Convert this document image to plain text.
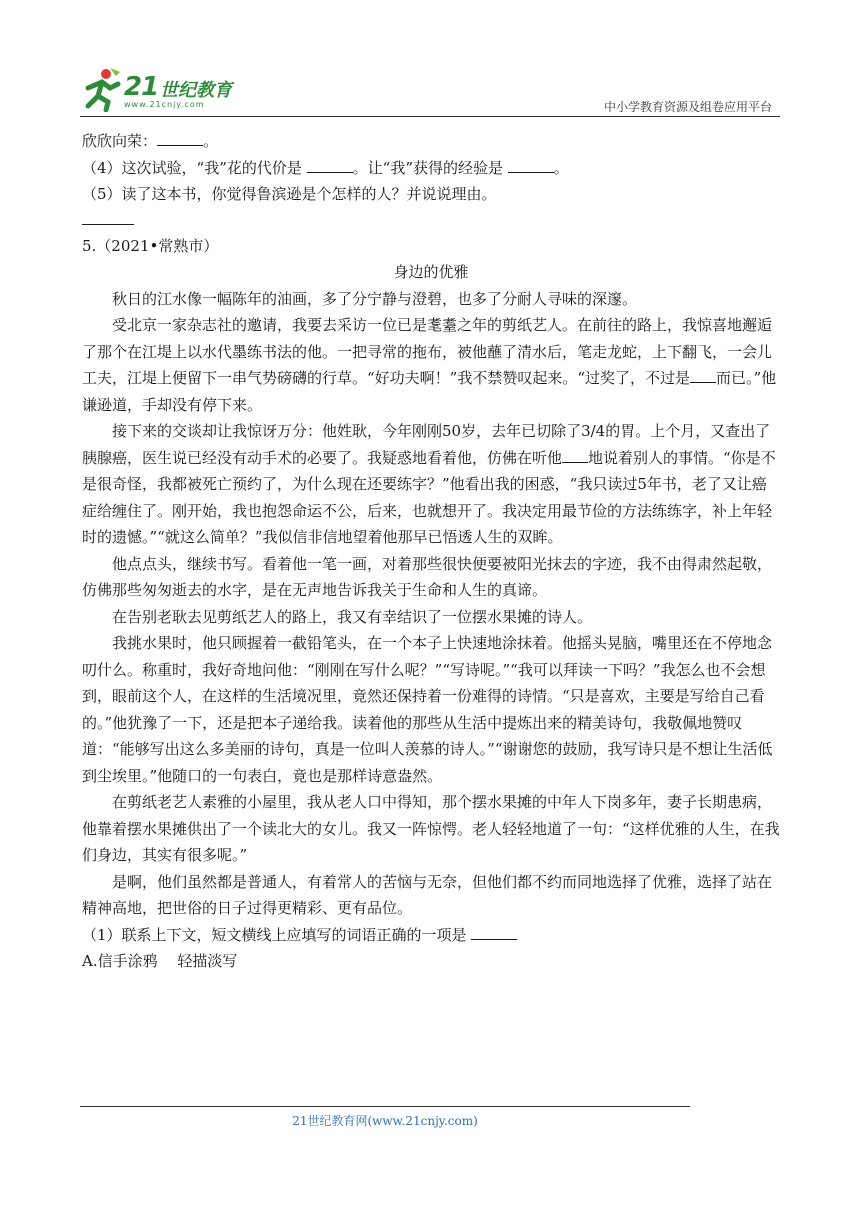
21 世纪教育
www.21cnjy.com	中小学教育资源及组卷应用平台

欣欣向荣：	。

（4）这次试验，“我”花的代价是	。让“我”获得的经验是	。

（5）读了这本书，你觉得鲁滨逊是个怎样的人？并说说理由。

5.（2021•常熟市）

身边的优雅

秋日的江水像一幅陈年的油画，多了分宁静与澄碧，也多了分耐人寻味的深邃。

受北京一家杂志社的邀请，我要去采访一位已是耄耋之年的剪纸艺人。在前往的路上，我惊喜地邂逅了那个在江堤上以水代墨练书法的他。一把寻常的拖布，被他蘸了清水后，笔走龙蛇，上下翻飞，一会儿工夫，江堤上便留下一串气势磅礴的行草。“好功夫啊！”我不禁赞叹起来。“过奖了，不过是 而已。”他谦逊道，手却没有停下来。

接下来的交谈却让我惊讶万分：他姓耿，今年刚刚50岁，去年已切除了3/4的胃。上个月，又查出了胰腺癌，医生说已经没有动手术的必要了。我疑惑地看着他，仿佛在听他 地说着别人的事情。“你是不是很奇怪，我都被死亡预约了，为什么现在还要练字？”他看出我的困惑，“我只读过5年书，老了又让癌症给缠住了。刚开始，我也抱怨命运不公，后来，也就想开了。我决定用最节俭的方法练练字，补上年轻时的遗憾。”“就这么简单？”我似信非信地望着他那早已悟透人生的双眸。

他点点头，继续书写。看着他一笔一画，对着那些很快便要被阳光抹去的字迹，我不由得肃然起敬，仿佛那些匆匆逝去的水字，是在无声地告诉我关于生命和人生的真谛。

在告别老耿去见剪纸艺人的路上，我又有幸结识了一位摆水果摊的诗人。

我挑水果时，他只顾握着一截铅笔头，在一个本子上快速地涂抹着。他摇头晃脑，嘴里还在不停地念叨什么。称重时，我好奇地问他：“刚刚在写什么呢？”“写诗呢。”“我可以拜读一下吗？”我怎么也不会想到，眼前这个人，在这样的生活境况里，竟然还保持着一份难得的诗情。“只是喜欢，主要是写给自己看的。”他犹豫了一下，还是把本子递给我。读着他的那些从生活中提炼出来的精美诗句，我敬佩地赞叹道：“能够写出这么多美丽的诗句，真是一位叫人羡慕的诗人。”“谢谢您的鼓励，我写诗只是不想让生活低到尘埃里。”他随口的一句表白，竟也是那样诗意盎然。

在剪纸老艺人素雅的小屋里，我从老人口中得知，那个摆水果摊的中年人下岗多年，妻子长期患病，他靠着摆水果摊供出了一个读北大的女儿。我又一阵惊愕。老人轻轻地道了一句：“这样优雅的人生，在我们身边，其实有很多呢。”

是啊，他们虽然都是普通人，有着常人的苦恼与无奈，但他们都不约而同地选择了优雅，选择了站在精神高地，把世俗的日子过得更精彩、更有品位。

（1）联系上下文，短文横线上应填写的词语正确的一项是

A.信手涂鸦　 轻描淡写

21世纪教育网(www.21cnjy.com)
